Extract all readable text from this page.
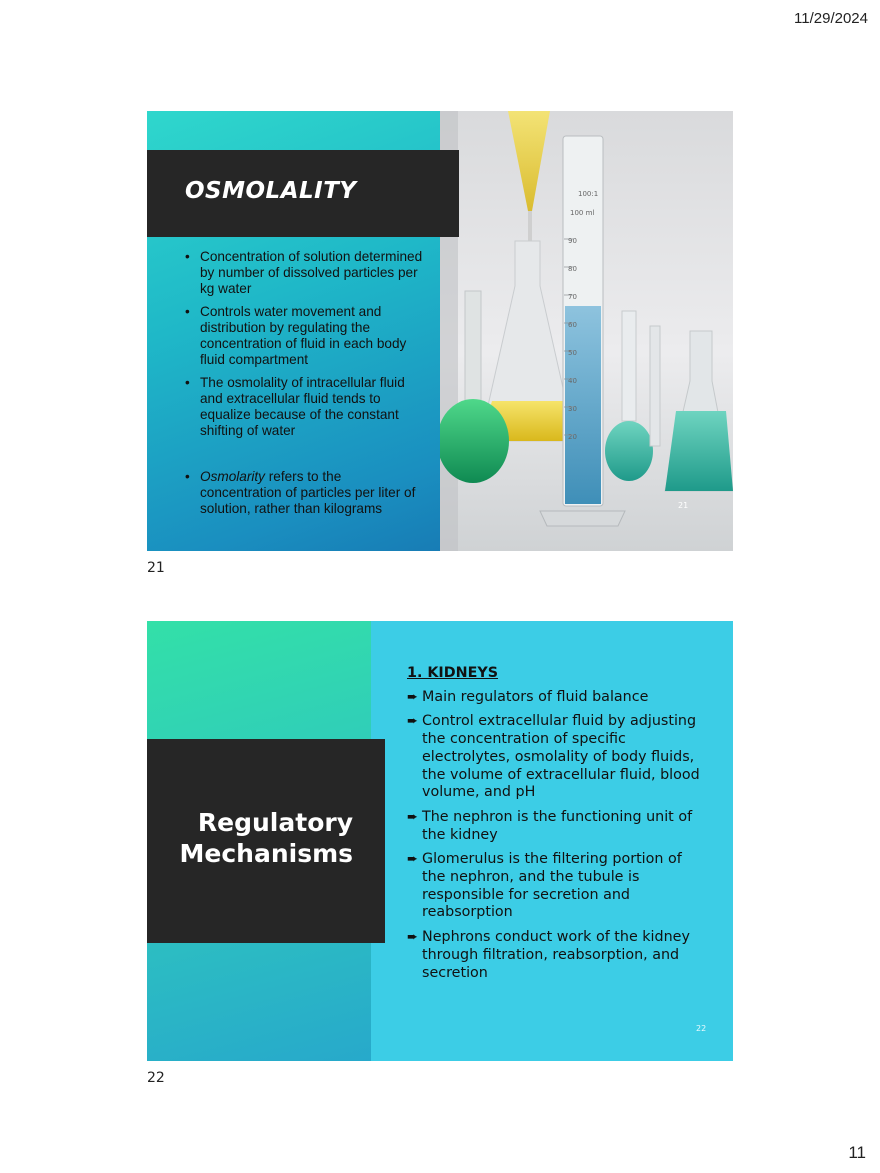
11/29/2024
100:1
100 ml
90
80
70
60
50
40
30
20
OSMOLALITY
• Concentration of solution determined by number of dissolved particles per kg water
• Controls water movement and distribution by regulating the concentration of fluid in each body fluid compartment
• The osmolality of intracellular fluid and extracellular fluid tends to equalize because of the constant shifting of water
• Osmolarity refers to the concentration of particles per liter of solution, rather than kilograms	21
21
Regulatory
Mechanisms
1. KIDNEYS
➨ Main regulators of fluid balance
➨ Control extracellular fluid by adjusting the concentration of specific electrolytes, osmolality of body fluids, the volume of extracellular fluid, blood volume, and pH
➨ The nephron is the functioning unit of the kidney
➨ Glomerulus is the filtering portion of the nephron, and the tubule is responsible for secretion and reabsorption
➨ Nephrons conduct work of the kidney through filtration, reabsorption, and secretion
22
22
11
